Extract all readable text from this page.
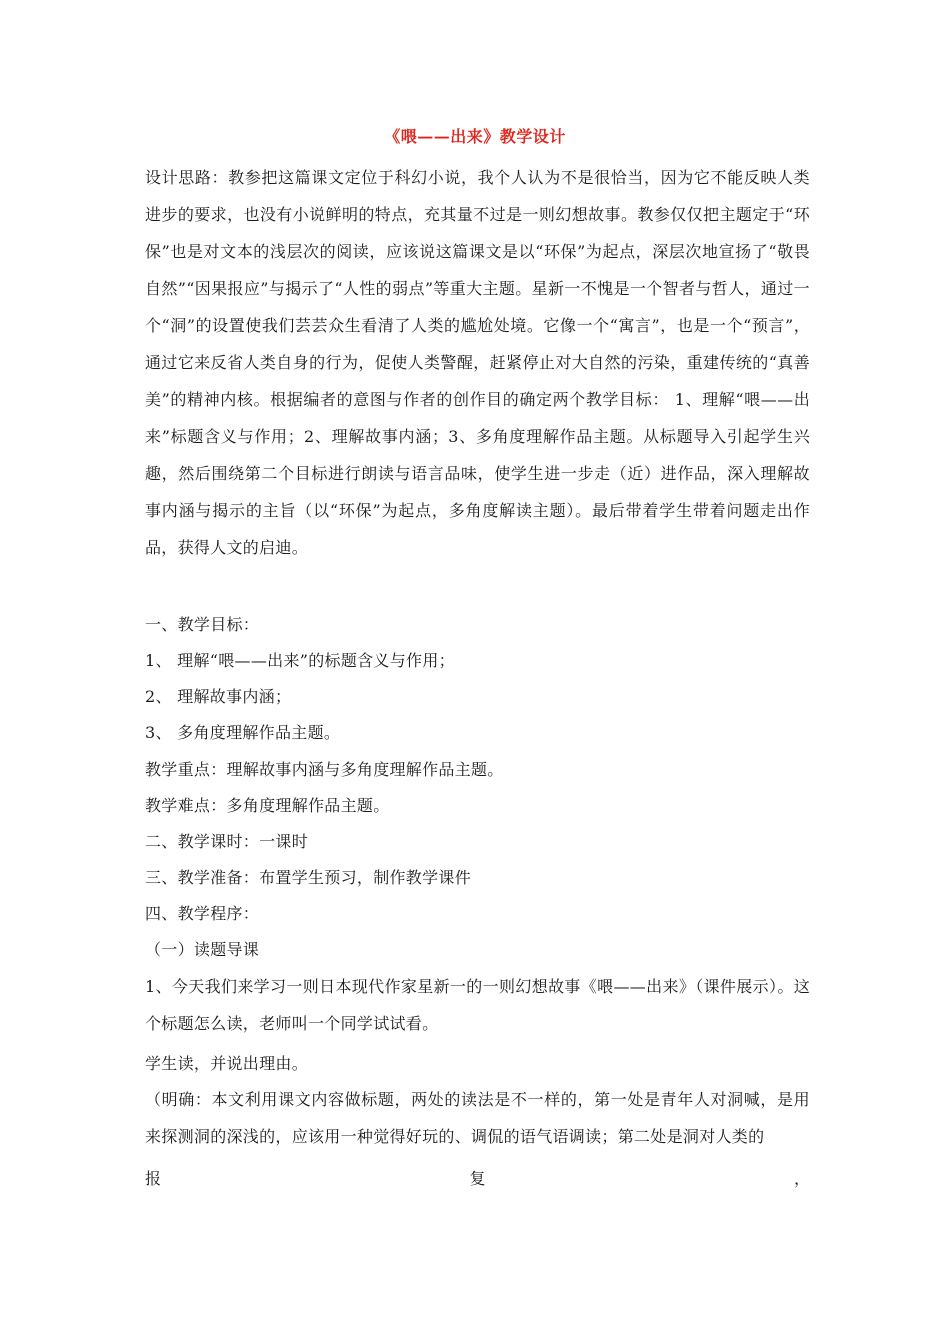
《喂——出来》教学设计

设计思路：教参把这篇课文定位于科幻小说，我个人认为不是很恰当，因为它不能反映人类进步的要求，也没有小说鲜明的特点，充其量不过是一则幻想故事。教参仅仅把主题定于“环保”也是对文本的浅层次的阅读，应该说这篇课文是以“环保”为起点，深层次地宣扬了“敬畏自然”“因果报应”与揭示了“人性的弱点”等重大主题。星新一不愧是一个智者与哲人，通过一个“洞”的设置使我们芸芸众生看清了人类的尴尬处境。它像一个“寓言”，也是一个“预言”，通过它来反省人类自身的行为，促使人类警醒，赶紧停止对大自然的污染，重建传统的“真善美”的精神内核。根据编者的意图与作者的创作目的确定两个教学目标： 1、理解“喂——出来”标题含义与作用；2、理解故事内涵；3、多角度理解作品主题。从标题导入引起学生兴趣，然后围绕第二个目标进行朗读与语言品味，使学生进一步走（近）进作品，深入理解故事内涵与揭示的主旨（以“环保”为起点，多角度解读主题）。最后带着学生带着问题走出作品，获得人文的启迪。

一、教学目标：

1、 理解“喂——出来”的标题含义与作用；

2、 理解故事内涵；

3、 多角度理解作品主题。

教学重点：理解故事内涵与多角度理解作品主题。

教学难点：多角度理解作品主题。

二、教学课时：一课时

三、教学准备：布置学生预习，制作教学课件

四、教学程序：

（一）读题导课

1、今天我们来学习一则日本现代作家星新一的一则幻想故事《喂——出来》（课件展示）。这个标题怎么读，老师叫一个同学试试看。

学生读，并说出理由。

（明确：本文利用课文内容做标题，两处的读法是不一样的，第一处是青年人对洞喊，是用来探测洞的深浅的，应该用一种觉得好玩的、调侃的语气语调读；第二处是洞对人类的

报	复	，
